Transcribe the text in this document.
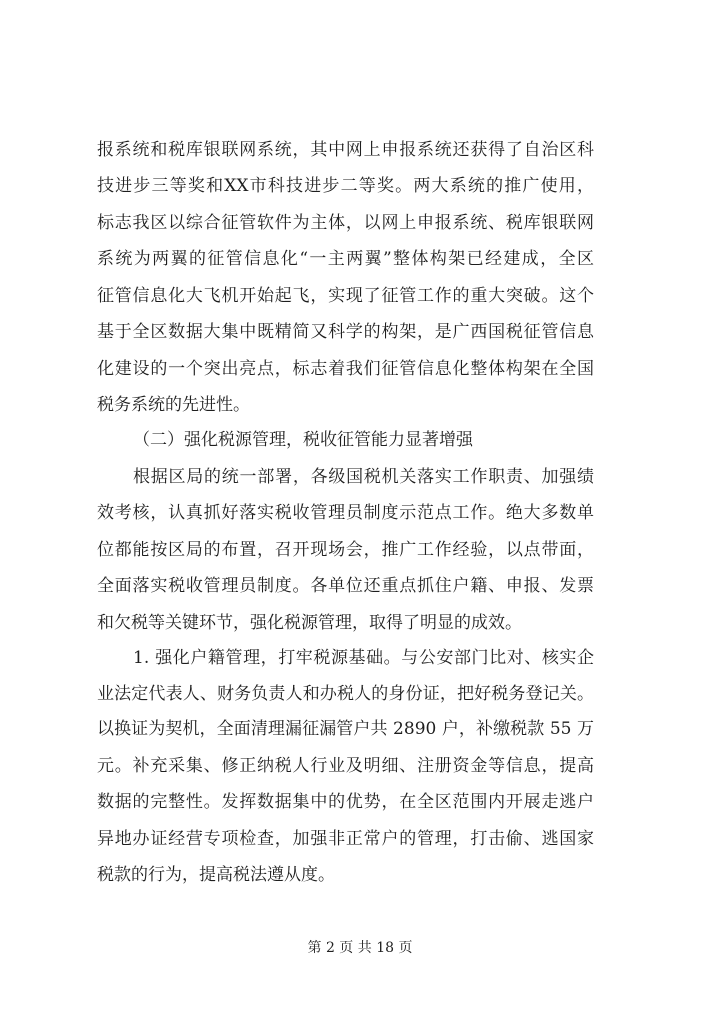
报系统和税库银联网系统，其中网上申报系统还获得了自治区科
技进步三等奖和XX市科技进步二等奖。两大系统的推广使用，
标志我区以综合征管软件为主体，以网上申报系统、税库银联网
系统为两翼的征管信息化“一主两翼”整体构架已经建成，全区
征管信息化大飞机开始起飞，实现了征管工作的重大突破。这个
基于全区数据大集中既精简又科学的构架，是广西国税征管信息
化建设的一个突出亮点，标志着我们征管信息化整体构架在全国
税务系统的先进性。
（二）强化税源管理，税收征管能力显著增强
根据区局的统一部署，各级国税机关落实工作职责、加强绩
效考核，认真抓好落实税收管理员制度示范点工作。绝大多数单
位都能按区局的布置，召开现场会，推广工作经验，以点带面，
全面落实税收管理员制度。各单位还重点抓住户籍、申报、发票
和欠税等关键环节，强化税源管理，取得了明显的成效。
1. 强化户籍管理，打牢税源基础。与公安部门比对、核实企
业法定代表人、财务负责人和办税人的身份证，把好税务登记关。
以换证为契机，全面清理漏征漏管户共 2890 户，补缴税款 55 万
元。补充采集、修正纳税人行业及明细、注册资金等信息，提高
数据的完整性。发挥数据集中的优势，在全区范围内开展走逃户
异地办证经营专项检查，加强非正常户的管理，打击偷、逃国家
税款的行为，提高税法遵从度。
第 2 页 共 18 页
